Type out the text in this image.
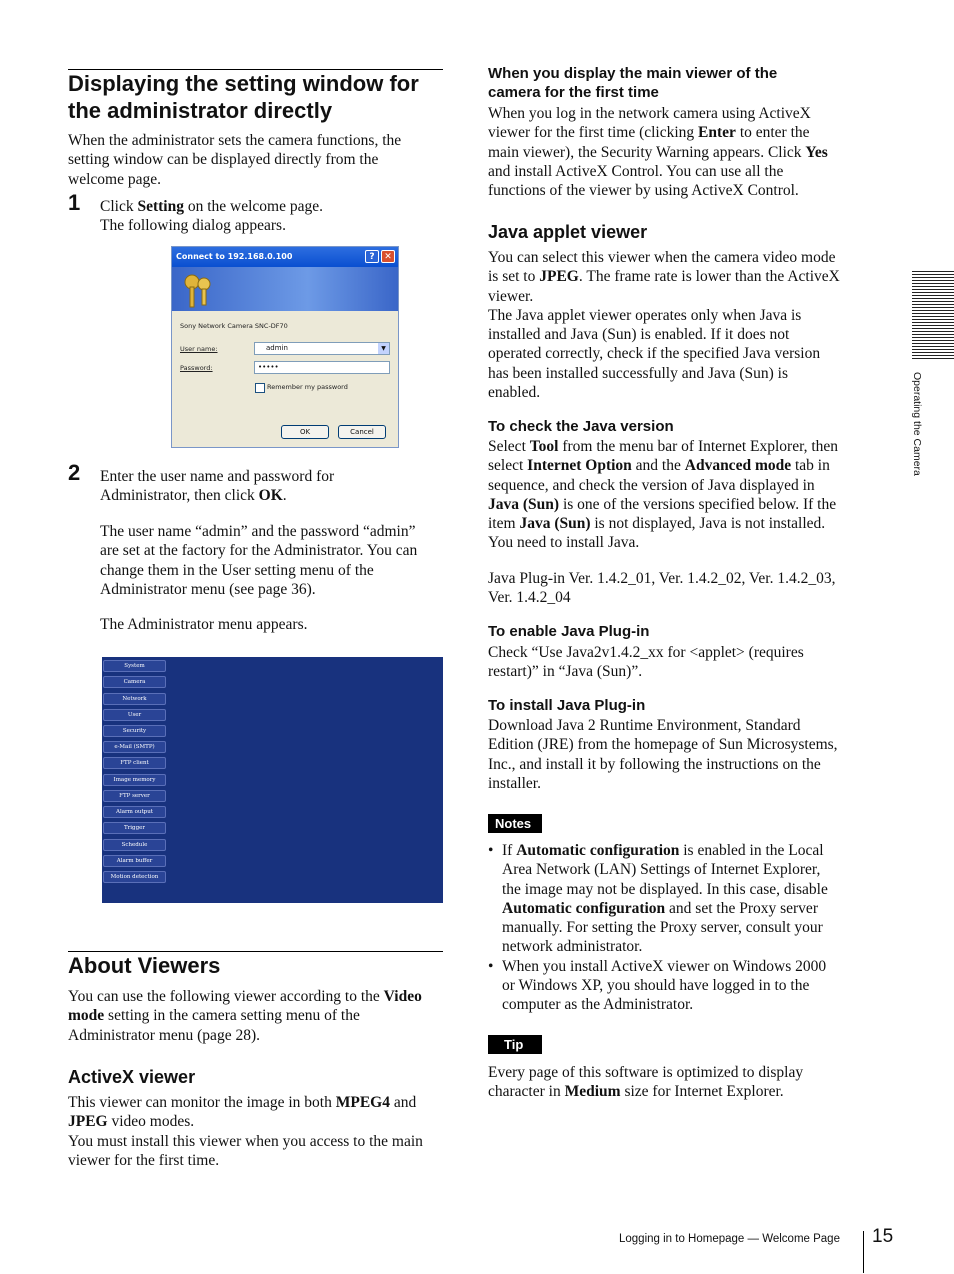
Displaying the setting window for
the administrator directly
When the administrator sets the camera functions, the
setting window can be displayed directly from the
welcome page.
1 Click Setting on the welcome page.
The following dialog appears.
Connect to 192.168.0.100	?	✕
Sony Network Camera SNC-DF70
User name:	admin	▼
Password:	•••••
Remember my password
OK	Cancel
2 Enter the user name and password for
Administrator, then click OK.
The user name “admin” and the password “admin”
are set at the factory for the Administrator. You can
change them in the User setting menu of the
Administrator menu (see page 36).
The Administrator menu appears.
System
Camera
Network
User
Security
e-Mail (SMTP)
FTP client
Image memory
FTP server
Alarm output
Trigger
Schedule
Alarm buffer
Motion detection
About Viewers
You can use the following viewer according to the Video
mode setting in the camera setting menu of the
Administrator menu (page 28).
ActiveX viewer
This viewer can monitor the image in both MPEG4 and
JPEG video modes.
You must install this viewer when you access to the main
viewer for the first time.
When you display the main viewer of the
camera for the first time
When you log in the network camera using ActiveX
viewer for the first time (clicking Enter to enter the
main viewer), the Security Warning appears. Click Yes
and install ActiveX Control. You can use all the
functions of the viewer by using ActiveX Control.
Java applet viewer
You can select this viewer when the camera video mode
is set to JPEG. The frame rate is lower than the ActiveX
viewer.
The Java applet viewer operates only when Java is
installed and Java (Sun) is enabled. If it does not
operated correctly, check if the specified Java version
has been installed successfully and Java (Sun) is
enabled.
To check the Java version
Select Tool from the menu bar of Internet Explorer, then
select Internet Option and the Advanced mode tab in
sequence, and check the version of Java displayed in
Java (Sun) is one of the versions specified below. If the
item Java (Sun) is not displayed, Java is not installed.
You need to install Java.
Java Plug-in Ver. 1.4.2_01, Ver. 1.4.2_02, Ver. 1.4.2_03,
Ver. 1.4.2_04
To enable Java Plug-in
Check “Use Java2v1.4.2_xx for <applet> (requires
restart)” in “Java (Sun)”.
To install Java Plug-in
Download Java 2 Runtime Environment, Standard
Edition (JRE) from the homepage of Sun Microsystems,
Inc., and install it by following the instructions on the
installer.
Notes
• If Automatic configuration is enabled in the Local
Area Network (LAN) Settings of Internet Explorer,
the image may not be displayed. In this case, disable
Automatic configuration and set the Proxy server
manually. For setting the Proxy server, consult your
network administrator.
• When you install ActiveX viewer on Windows 2000
or Windows XP, you should have logged in to the
computer as the Administrator.
Tip
Every page of this software is optimized to display
character in Medium size for Internet Explorer.
Operating the Camera
Logging in to Homepage — Welcome Page 15
